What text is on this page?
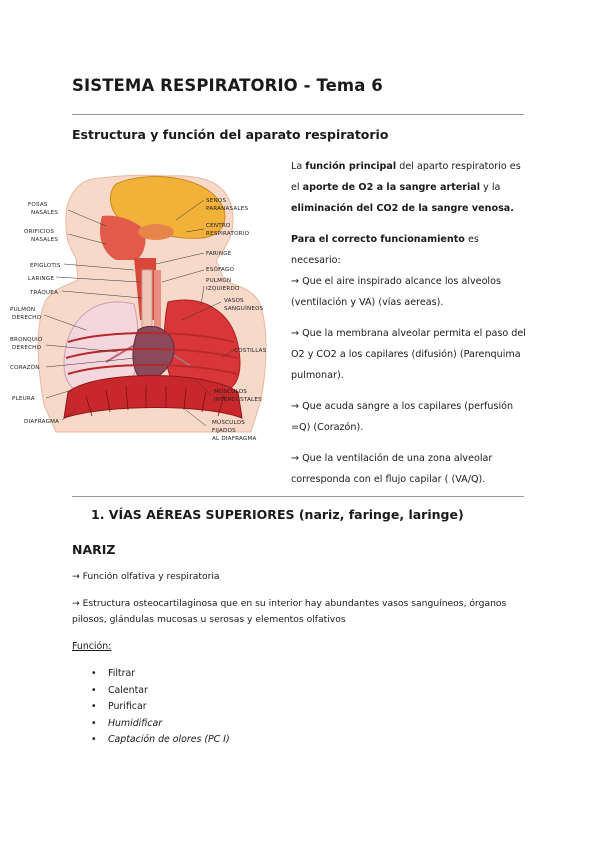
SISTEMA RESPIRATORIO - Tema 6
Estructura y función del aparato respiratorio
FOSAS
NASALES
ORIFICIOS
NASALES
EPIGLOTIS
LARINGE
TRÁQUEA
PULMÓN
DERECHO
BRONQUIO
DERECHO
CORAZÓN
PLEURA
DIAFRAGMA
SENOS
PARANASALES
CENTRO
RESPIRATORIO
FARINGE
ESÓFAGO
PULMÓN
IZQUIERDO
VASOS
SANGUÍNEOS
COSTILLAS
MÚSCULOS
INTERCOSTALES
MÚSCULOS
FIJADOS
AL DIAFRAGMA

La función principal del aparto respiratorio es el aporte de O2 a la sangre arterial y la eliminación del CO2 de la sangre venosa.

Para el correcto funcionamiento es necesario:
→ Que el aire inspirado alcance los alveolos (ventilación y VA) (vías aereas).

→ Que la membrana alveolar permita el paso del O2 y CO2 a los capilares (difusión) (Parenquima pulmonar).

→ Que acuda sangre a los capilares (perfusión =Q) (Corazón).

→ Que la ventilación de una zona alveolar corresponda con el flujo capilar ( (VA/Q).

1. VÍAS AÉREAS SUPERIORES (nariz, faringe, laringe)
NARIZ
→ Función olfativa y respiratoria
→ Estructura osteocartilaginosa que en su interior hay abundantes vasos sanguíneos, órganos pilosos, glándulas mucosas u serosas y elementos olfativos
Función:
• Filtrar
• Calentar
• Purificar
• Humidificar
• Captación de olores (PC I)
